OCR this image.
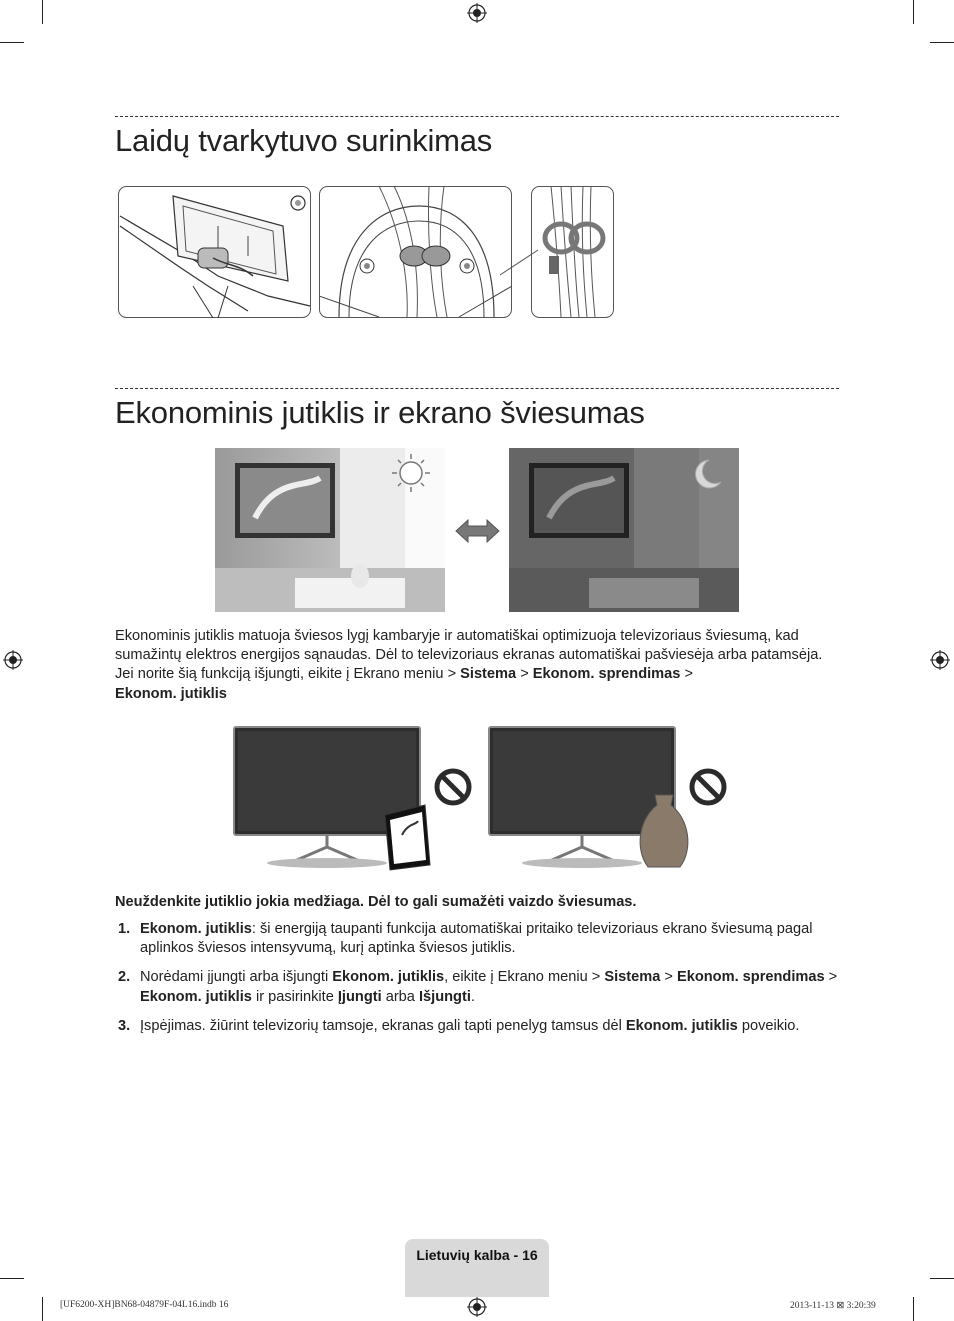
Laidų tvarkytuvo surinkimas
Ekonominis jutiklis ir ekrano šviesumas

Ekonominis jutiklis matuoja šviesos lygį kambaryje ir automatiškai optimizuoja televizoriaus šviesumą, kad sumažintų elektros energijos sąnaudas. Dėl to televizoriaus ekranas automatiškai pašviesėja arba patamsėja. Jei norite šią funkciją išjungti, eikite į Ekrano meniu > Sistema > Ekonom. sprendimas >
Ekonom. jutiklis

Neuždenkite jutiklio jokia medžiaga. Dėl to gali sumažėti vaizdo šviesumas.

1. Ekonom. jutiklis: ši energiją taupanti funkcija automatiškai pritaiko televizoriaus ekrano šviesumą pagal aplinkos šviesos intensyvumą, kurį aptinka šviesos jutiklis.
2. Norėdami įjungti arba išjungti Ekonom. jutiklis, eikite į Ekrano meniu > Sistema > Ekonom. sprendimas > Ekonom. jutiklis ir pasirinkite Įjungti arba Išjungti.
3. Įspėjimas. žiūrint televizorių tamsoje, ekranas gali tapti penelyg tamsus dėl Ekonom. jutiklis poveikio.
Lietuvių kalba - 16
[UF6200-XH]BN68-04879F-04L16.indb 16	2013-11-13 ⊠ 3:20:39
